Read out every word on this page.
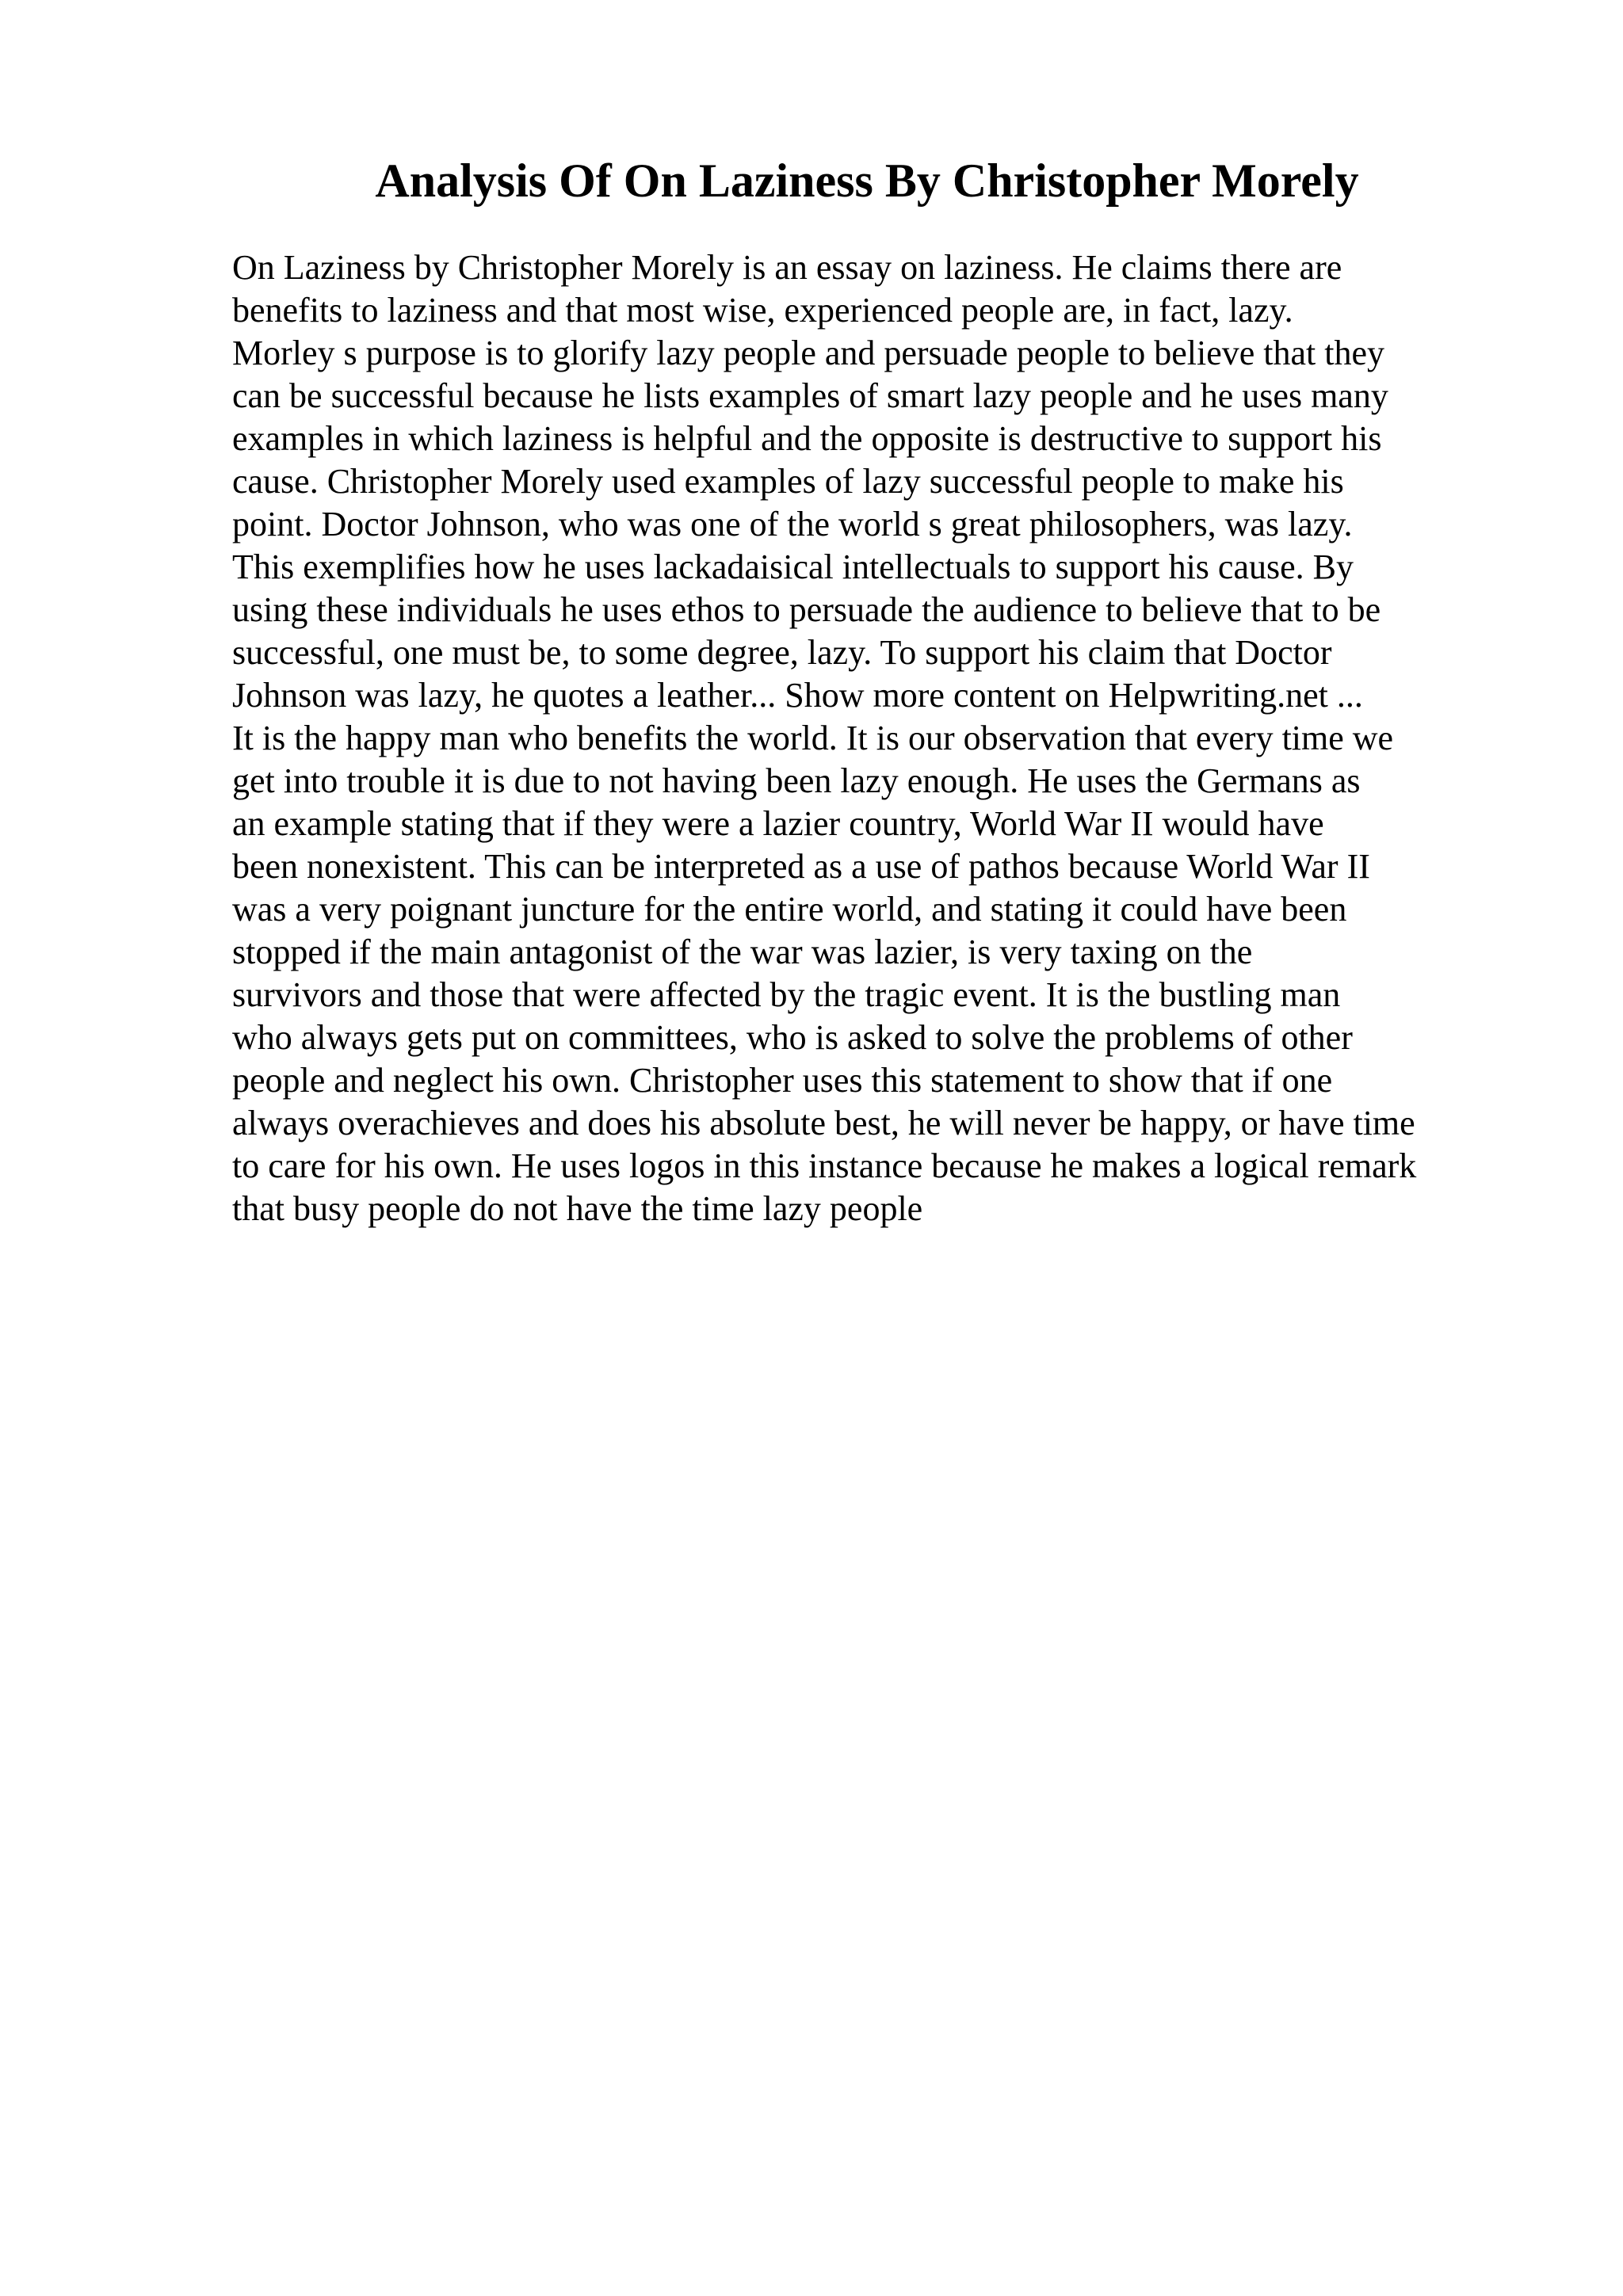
Analysis Of On Laziness By Christopher Morely
On Laziness by Christopher Morely is an essay on laziness. He claims there are
benefits to laziness and that most wise, experienced people are, in fact, lazy.
Morley s purpose is to glorify lazy people and persuade people to believe that they
can be successful because he lists examples of smart lazy people and he uses many
examples in which laziness is helpful and the opposite is destructive to support his
cause. Christopher Morely used examples of lazy successful people to make his
point. Doctor Johnson, who was one of the world s great philosophers, was lazy.
This exemplifies how he uses lackadaisical intellectuals to support his cause. By
using these individuals he uses ethos to persuade the audience to believe that to be
successful, one must be, to some degree, lazy. To support his claim that Doctor
Johnson was lazy, he quotes a leather... Show more content on Helpwriting.net ...
It is the happy man who benefits the world. It is our observation that every time we
get into trouble it is due to not having been lazy enough. He uses the Germans as
an example stating that if they were a lazier country, World War II would have
been nonexistent. This can be interpreted as a use of pathos because World War II
was a very poignant juncture for the entire world, and stating it could have been
stopped if the main antagonist of the war was lazier, is very taxing on the
survivors and those that were affected by the tragic event. It is the bustling man
who always gets put on committees, who is asked to solve the problems of other
people and neglect his own. Christopher uses this statement to show that if one
always overachieves and does his absolute best, he will never be happy, or have time
to care for his own. He uses logos in this instance because he makes a logical remark
that busy people do not have the time lazy people
